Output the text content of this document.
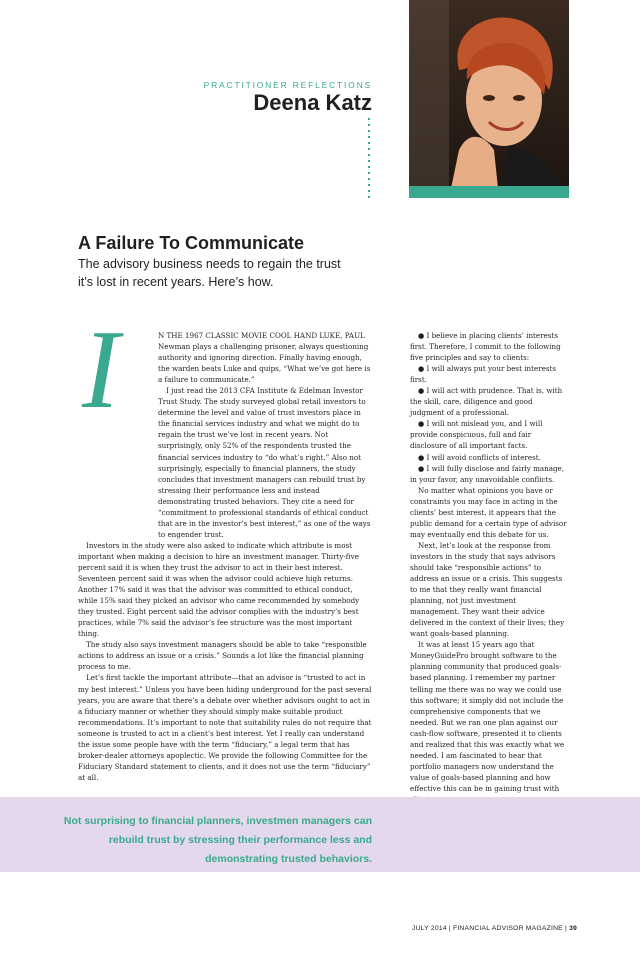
PRACTITIONER REFLECTIONS
Deena Katz
A Failure To Communicate
The advisory business needs to regain the trust it’s lost in recent years. Here’s how.
I	N THE 1967 CLASSIC MOVIE COOL HAND LUKE, PAUL Newman plays a challenging prisoner, always questioning authority and ignoring direction. Finally having enough, the warden beats Luke and quips, “What we’ve got here is a failure to communicate.”

I just read the 2013 CFA Institute & Edelman Investor Trust Study. The study surveyed global retail investors to determine the level and value of trust investors place in the financial services industry and what we might do to regain the trust we’ve lost in recent years. Not surprisingly, only 52% of the respondents trusted the financial services industry to “do what’s right.” Also not surprisingly, especially to financial planners, the study concludes that investment managers can rebuild trust by stressing their performance less and instead demonstrating trusted behaviors. They cite a need for “commitment to professional standards of ethical conduct that are in the investor’s best interest,” as one of the ways to engender trust.

Investors in the study were also asked to indicate which attribute is most important when making a decision to hire an investment manager. Thirty-five percent said it is when they trust the advisor to act in their best interest. Seventeen percent said it was when the advisor could achieve high returns. Another 17% said it was that the advisor was committed to ethical conduct, while 15% said they picked an advisor who came recommended by somebody they trusted. Eight percent said the advisor complies with the industry’s best practices, while 7% said the advisor’s fee structure was the most important thing.

The study also says investment managers should be able to take “responsible actions to address an issue or a crisis.” Sounds a lot like the financial planning process to me.

Let’s first tackle the important attribute—that an advisor is “trusted to act in my best interest.” Unless you have been hiding underground for the past several years, you are aware that there’s a debate over whether advisors ought to act in a fiduciary manner or whether they should simply make suitable product recommendations. It’s important to note that suitability rules do not require that someone is trusted to act in a client’s best interest. Yet I really can understand the issue some people have with the term “fiduciary,” a legal term that has broker-dealer attorneys apoplectic. We provide the following Committee for the Fiduciary Standard statement to clients, and it does not use the term “fiduciary” at all.

● I believe in placing clients’ interests first. Therefore, I commit to the following five principles and say to clients:

● I will always put your best interests first.

● I will act with prudence. That is, with the skill, care, diligence and good judgment of a professional.

● I will not mislead you, and I will provide conspicuous, full and fair disclosure of all important facts.

● I will avoid conflicts of interest.

● I will fully disclose and fairly manage, in your favor, any unavoidable conflicts.

No matter what opinions you have or constraints you may face in acting in the clients’ best interest, it appears that the public demand for a certain type of advisor may eventually end this debate for us.

Next, let’s look at the response from investors in the study that says advisors should take “responsible actions” to address an issue or a crisis. This suggests to me that they really want financial planning, not just investment management. They want their advice delivered in the context of their lives; they want goals-based planning.

It was at least 15 years ago that MoneyGuidePro brought software to the planning community that produced goals-based planning. I remember my partner telling me there was no way we could use this software; it simply did not include the comprehensive components that we needed. But we ran one plan against our cash-flow software, presented it to clients and realized that this was exactly what we needed. I am fascinated to hear that portfolio managers now understand the value of goals-based planning and how effective this can be in gaining trust with

Not surprising to financial planners, investmen managers can rebuild trust by stressing their performance less and demonstrating trusted behaviors.
JULY 2014 | FINANCIAL ADVISOR MAGAZINE | 39
